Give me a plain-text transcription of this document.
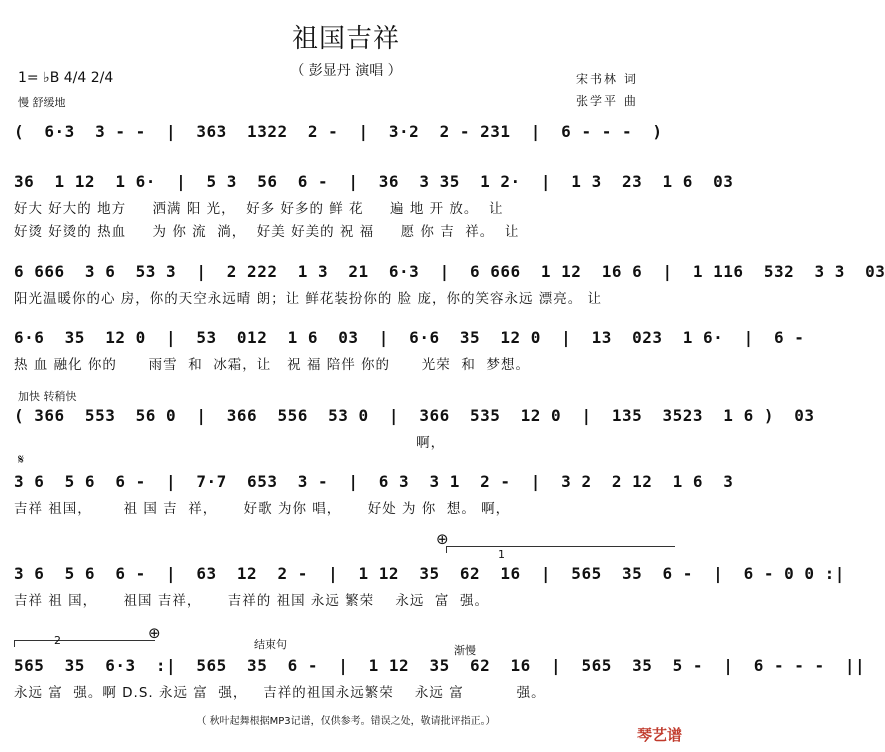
祖国吉祥
（ 彭显丹 演唱 ）
1= ♭B 4/4 2/4
慢 舒缓地
宋书林 词
张学平 曲
(  6·3  3 - -  |  363  1322  2 -  |  3·2  2 - 231  |  6 - - -  )
36  1 12  1 6·  |  5 3  56  6 -  |  36  3 35  1 2·  |  1 3  23  1 6  03
好大 好大的 地方     洒满 阳 光，  好多 好多的 鲜 花     遍 地 开 放。  让
好烫 好烫的 热血     为 你 流  淌，  好美 好美的 祝 福     愿 你 吉  祥。  让
6 666  3 6  53 3  |  2 222  1 3  21  6·3  |  6 666  1 12  16 6  |  1 116  532  3 3  03
阳光温暖你的心 房，你的天空永远晴 朗；让 鲜花装扮你的 脸 庞，你的笑容永远 漂亮。 让
6·6  35  12 0  |  53  012  1 6  03  |  6·6  35  12 0  |  13  023  1 6·  |  6 -
热 血 融化 你的      雨雪  和  冰霜，让   祝 福 陪伴 你的      光荣  和  梦想。
加快 转稍快
( 366  553  56 0  |  366  556  53 0  |  366  535  12 0  |  135  3523  1 6 )  03
啊，
𝄋
3 6  5 6  6 -  |  7·7  653  3 -  |  6 3  3 1  2 -  |  3 2  2 12  1 6  3
吉祥 祖国，      祖 国 吉  祥，     好歌 为你 唱，     好处 为 你  想。 啊，
⊕
1
3 6  5 6  6 -  |  63  12  2 -  |  1 12  35  62  16  |  565  35  6 -  |  6 - 0 0 :|
吉祥 祖 国，     祖国 吉祥，     吉祥的 祖国 永远 繁荣    永远  富  强。
2	⊕
结束句	渐慢
565  35  6·3  :|  565  35  6 -  |  1 12  35  62  16  |  565  35  5 -  |  6 - - -  ||
永远 富  强。啊 D.S. 永远 富  强，   吉祥的祖国永远繁荣    永远 富          强。
（ 秋叶起舞根据MP3记谱，仅供参考。错误之处，敬请批评指正。）
琴艺谱
